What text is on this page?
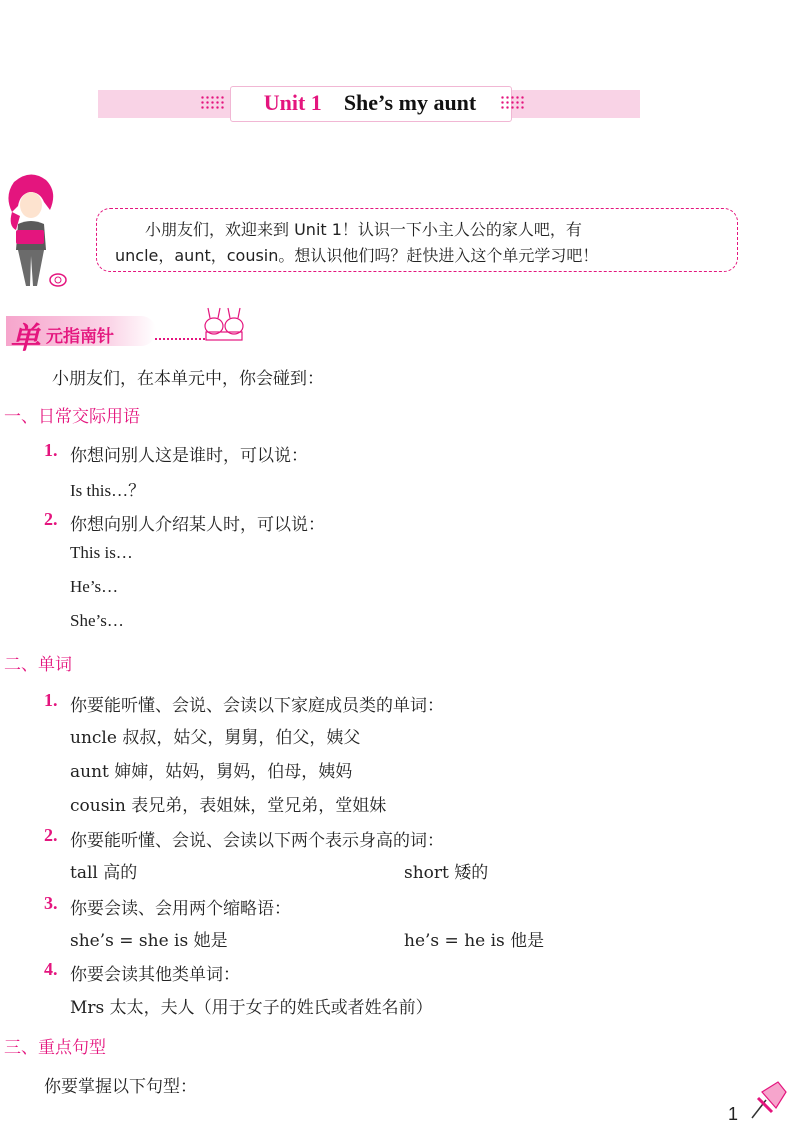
Unit 1 She’s my aunt
小朋友们，欢迎来到 Unit 1！认识一下小主人公的家人吧，有
uncle，aunt，cousin。想认识他们吗？赶快进入这个单元学习吧！
单 元指南针
小朋友们，在本单元中，你会碰到：
一、日常交际用语
1. 你想问别人这是谁时，可以说：
Is this…？
2. 你想向别人介绍某人时，可以说：
This is…
He’s…
She’s…
二、单词
1. 你要能听懂、会说、会读以下家庭成员类的单词：
uncle 叔叔，姑父，舅舅，伯父，姨父
aunt 婶婶，姑妈，舅妈，伯母，姨妈
cousin 表兄弟，表姐妹，堂兄弟，堂姐妹
2. 你要能听懂、会说、会读以下两个表示身高的词：
tall 高的	short 矮的
3. 你要会读、会用两个缩略语：
she’s = she is 她是	he’s = he is 他是
4. 你要会读其他类单词：
Mrs 太太，夫人（用于女子的姓氏或者姓名前）
三、重点句型
你要掌握以下句型：
1
